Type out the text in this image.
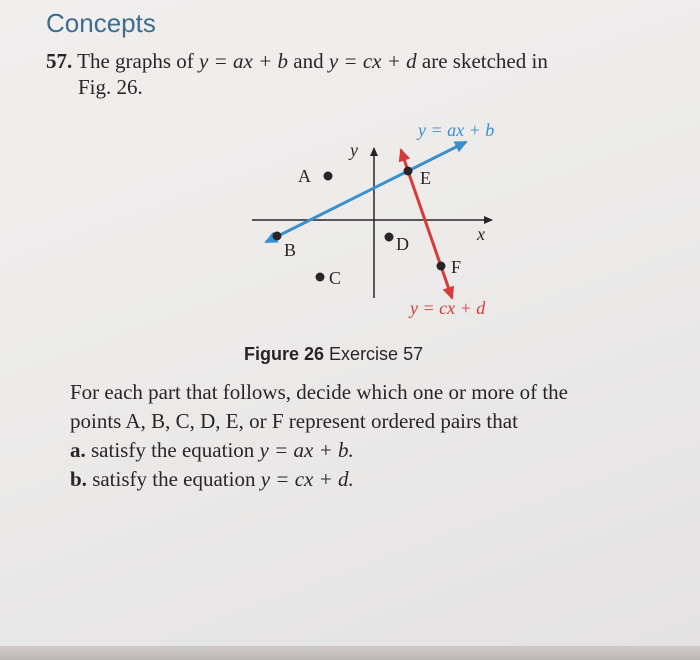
Concepts
57. The graphs of y = ax + b and y = cx + d are sketched in
Fig. 26.
y
x
y = ax + b
y = cx + d
A
B
C
D
E
F
Figure 26 Exercise 57

For each part that follows, decide which one or more of the

points A, B, C, D, E, or F represent ordered pairs that

a. satisfy the equation y = ax + b.

b. satisfy the equation y = cx + d.
